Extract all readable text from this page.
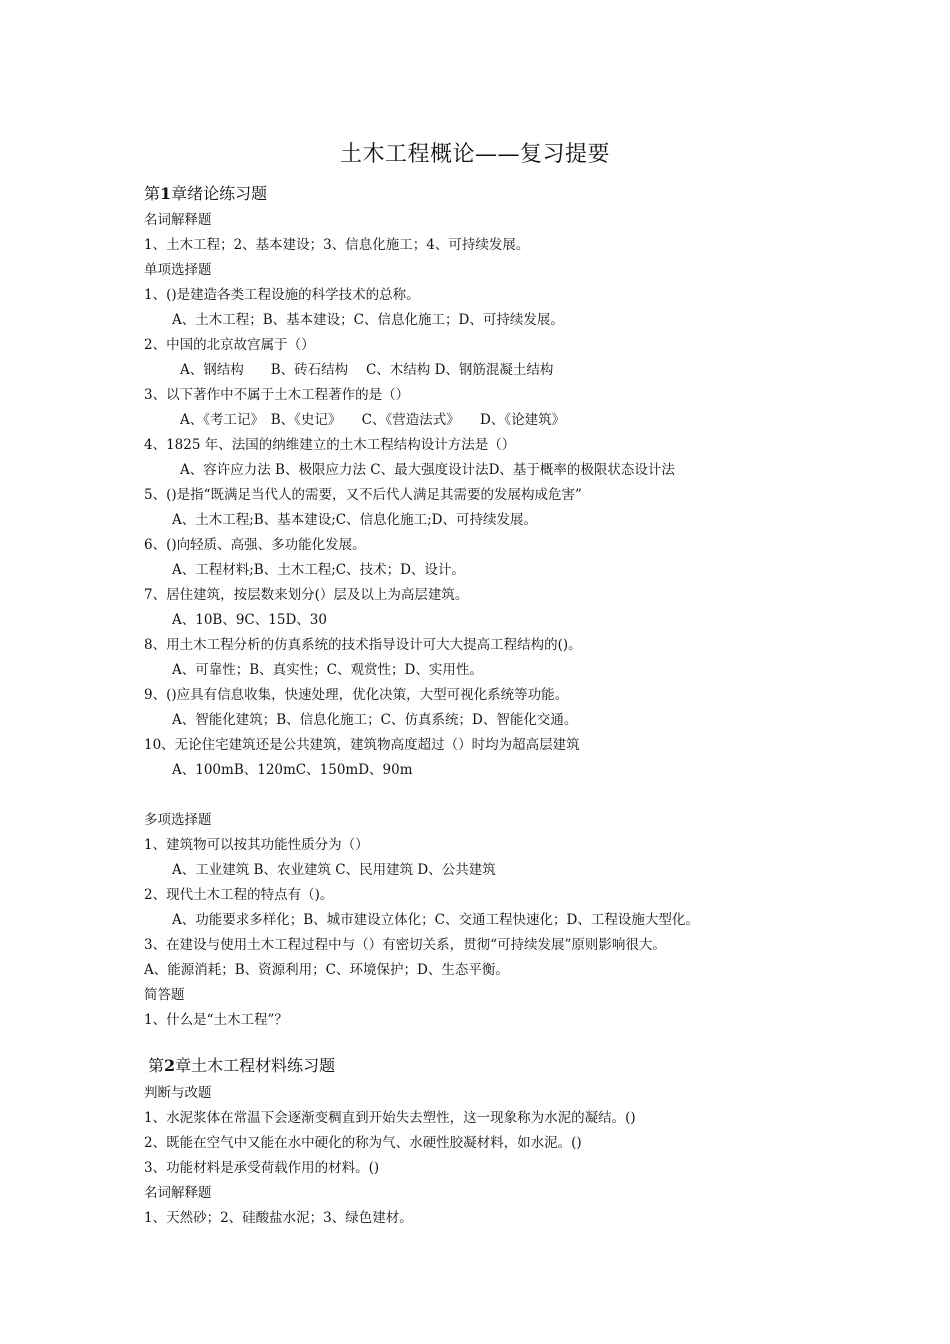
土木工程概论——复习提要
第1章绪论练习题
名词解释题
1、土木工程；2、基本建设；3、信息化施工；4、可持续发展。
单项选择题
1、()是建造各类工程设施的科学技术的总称。
A、土木工程；B、基本建设；C、信息化施工；D、可持续发展。
2、中国的北京故宫属于（）
A、钢结构　　B、砖石结构　 C、木结构 D、钢筋混凝土结构
3、以下著作中不属于土木工程著作的是（）
A、《考工记》　B、《史记》　　C、《营造法式》　　D、《论建筑》
4、1825 年、法国的纳维建立的土木工程结构设计方法是（）
A、容许应力法 B、极限应力法 C、最大强度设计法D、基于概率的极限状态设计法
5、()是指“既满足当代人的需要，又不后代人满足其需要的发展构成危害”
A、土木工程;B、基本建设;C、信息化施工;D、可持续发展。
6、()向轻质、高强、多功能化发展。
A、工程材料;B、土木工程;C、技术；D、设计。
7、居住建筑，按层数来划分(）层及以上为高层建筑。
A、10B、9C、15D、30
8、用土木工程分析的仿真系统的技术指导设计可大大提高工程结构的()。
A、可靠性；B、真实性；C、观赏性；D、实用性。
9、()应具有信息收集，快速处理，优化决策，大型可视化系统等功能。
A、智能化建筑；B、信息化施工；C、仿真系统；D、智能化交通。
10、无论住宅建筑还是公共建筑，建筑物高度超过（）时均为超高层建筑
A、100mB、120mC、150mD、90m
多项选择题
1、建筑物可以按其功能性质分为（）
A、工业建筑 B、农业建筑 C、民用建筑 D、公共建筑
2、现代土木工程的特点有（)。
A、功能要求多样化；B、城市建设立体化；C、交通工程快速化；D、工程设施大型化。
3、在建设与使用土木工程过程中与（）有密切关系，贯彻“可持续发展”原则影响很大。
A、能源消耗；B、资源利用；C、环境保护；D、生态平衡。
简答题
1、什么是“土木工程”？
第2章土木工程材料练习题
判断与改题
1、水泥浆体在常温下会逐渐变稠直到开始失去塑性，这一现象称为水泥的凝结。()
2、既能在空气中又能在水中硬化的称为气、水硬性胶凝材料，如水泥。()
3、功能材料是承受荷载作用的材料。()
名词解释题
1、天然砂；2、硅酸盐水泥；3、绿色建材。
